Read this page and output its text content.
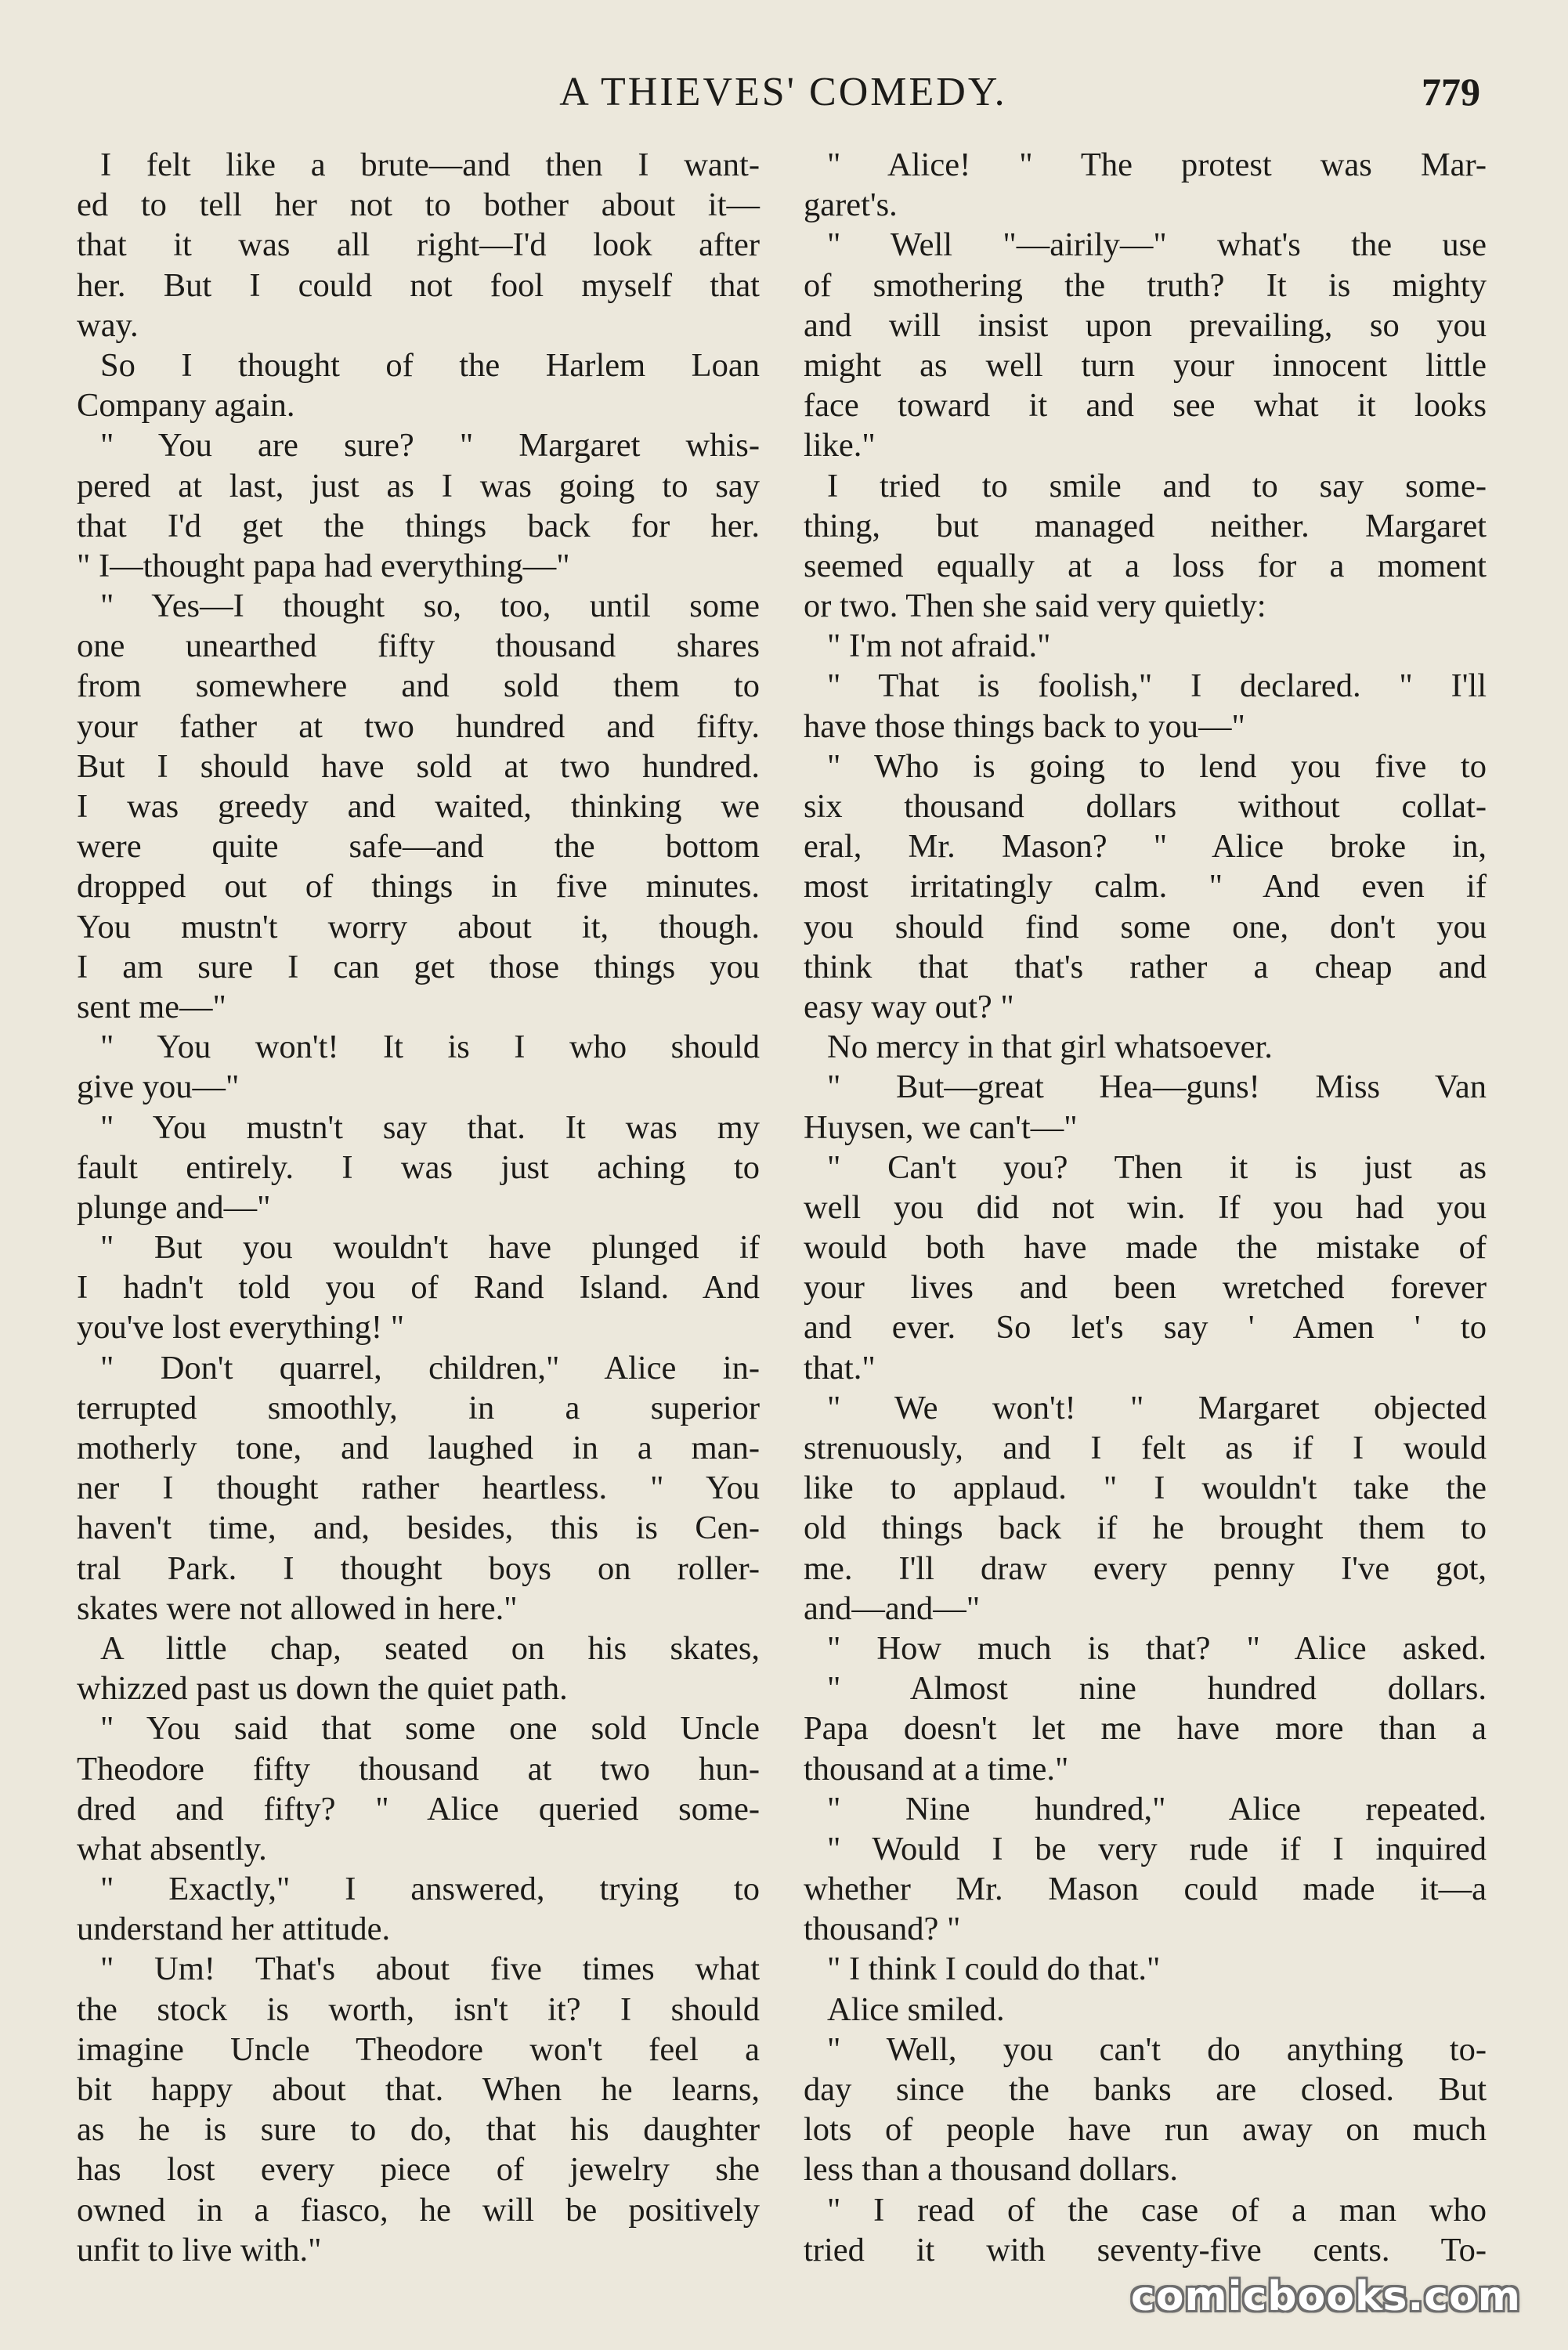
A THIEVES' COMEDY.	779
I felt like a brute—and then I want-
ed to tell her not to bother about it—
that it was all right—I'd look after
her. But I could not fool myself that
way.
So I thought of the Harlem Loan
Company again.
" You are sure? " Margaret whis-
pered at last, just as I was going to say
that I'd get the things back for her.
" I—thought papa had everything—"
" Yes—I thought so, too, until some
one unearthed fifty thousand shares
from somewhere and sold them to
your father at two hundred and fifty.
But I should have sold at two hundred.
I was greedy and waited, thinking we
were quite safe—and the bottom
dropped out of things in five minutes.
You mustn't worry about it, though.
I am sure I can get those things you
sent me—"
" You won't! It is I who should
give you—"
" You mustn't say that. It was my
fault entirely. I was just aching to
plunge and—"
" But you wouldn't have plunged if
I hadn't told you of Rand Island. And
you've lost everything! "
" Don't quarrel, children," Alice in-
terrupted smoothly, in a superior
motherly tone, and laughed in a man-
ner I thought rather heartless. " You
haven't time, and, besides, this is Cen-
tral Park. I thought boys on roller-
skates were not allowed in here."
A little chap, seated on his skates,
whizzed past us down the quiet path.
" You said that some one sold Uncle
Theodore fifty thousand at two hun-
dred and fifty? " Alice queried some-
what absently.
" Exactly," I answered, trying to
understand her attitude.
" Um! That's about five times what
the stock is worth, isn't it? I should
imagine Uncle Theodore won't feel a
bit happy about that. When he learns,
as he is sure to do, that his daughter
has lost every piece of jewelry she
owned in a fiasco, he will be positively
unfit to live with."
" Alice! " The protest was Mar-
garet's.
" Well "—airily—" what's the use
of smothering the truth? It is mighty
and will insist upon prevailing, so you
might as well turn your innocent little
face toward it and see what it looks
like."
I tried to smile and to say some-
thing, but managed neither. Margaret
seemed equally at a loss for a moment
or two. Then she said very quietly:
" I'm not afraid."
" That is foolish," I declared. " I'll
have those things back to you—"
" Who is going to lend you five to
six thousand dollars without collat-
eral, Mr. Mason? " Alice broke in,
most irritatingly calm. " And even if
you should find some one, don't you
think that that's rather a cheap and
easy way out? "
No mercy in that girl whatsoever.
" But—great Hea—guns! Miss Van
Huysen, we can't—"
" Can't you? Then it is just as
well you did not win. If you had you
would both have made the mistake of
your lives and been wretched forever
and ever. So let's say ' Amen ' to
that."
" We won't! " Margaret objected
strenuously, and I felt as if I would
like to applaud. " I wouldn't take the
old things back if he brought them to
me. I'll draw every penny I've got,
and—and—"
" How much is that? " Alice asked.
" Almost nine hundred dollars.
Papa doesn't let me have more than a
thousand at a time."
" Nine hundred," Alice repeated.
" Would I be very rude if I inquired
whether Mr. Mason could made it—a
thousand? "
" I think I could do that."
Alice smiled.
" Well, you can't do anything to-
day since the banks are closed. But
lots of people have run away on much
less than a thousand dollars.
" I read of the case of a man who
tried it with seventy-five cents. To-
comicbooks.com
